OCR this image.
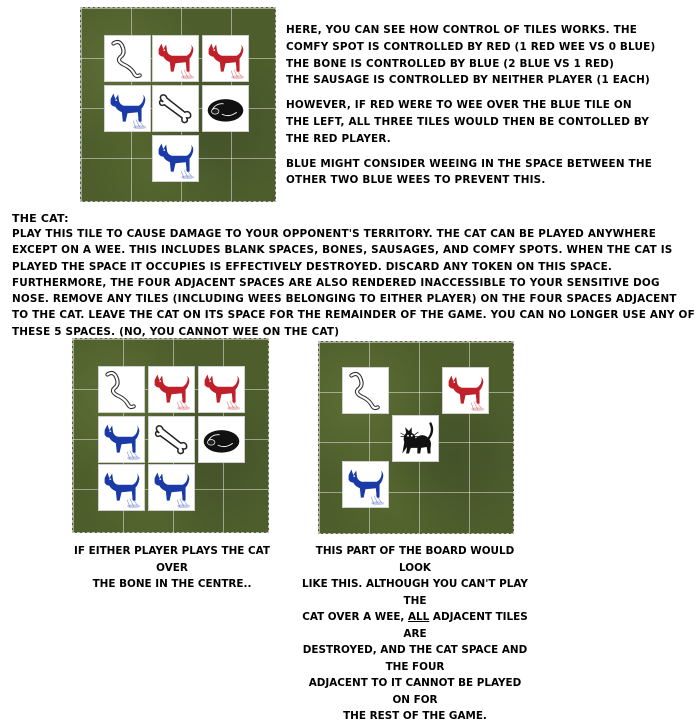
HERE, YOU CAN SEE HOW CONTROL OF TILES WORKS. THE

COMFY SPOT IS CONTROLLED BY RED (1 RED WEE VS 0 BLUE)

THE BONE IS CONTROLLED BY BLUE (2 BLUE VS 1 RED)

THE SAUSAGE IS CONTROLLED BY NEITHER PLAYER (1 EACH)

HOWEVER, IF RED WERE TO WEE OVER THE BLUE TILE ON

THE LEFT, ALL THREE TILES WOULD THEN BE CONTOLLED BY

THE RED PLAYER.

BLUE MIGHT CONSIDER WEEING IN THE SPACE BETWEEN THE

OTHER TWO BLUE WEES TO PREVENT THIS.

THE CAT:

PLAY THIS TILE TO CAUSE DAMAGE TO YOUR OPPONENT'S TERRITORY. THE CAT CAN BE PLAYED ANYWHERE

EXCEPT ON A WEE. THIS INCLUDES BLANK SPACES, BONES, SAUSAGES, AND COMFY SPOTS. WHEN THE CAT IS

PLAYED THE SPACE IT OCCUPIES IS EFFECTIVELY DESTROYED. DISCARD ANY TOKEN ON THIS SPACE.

FURTHERMORE, THE FOUR ADJACENT SPACES ARE ALSO RENDERED INACCESSIBLE TO YOUR SENSITIVE DOG

NOSE. REMOVE ANY TILES (INCLUDING WEES BELONGING TO EITHER PLAYER) ON THE FOUR SPACES ADJACENT

TO THE CAT. LEAVE THE CAT ON ITS SPACE FOR THE REMAINDER OF THE GAME. YOU CAN NO LONGER USE ANY OF

THESE 5 SPACES. (NO, YOU CANNOT WEE ON THE CAT)

IF EITHER PLAYER PLAYS THE CAT OVER
THE BONE IN THE CENTRE..
THIS PART OF THE BOARD WOULD LOOK
LIKE THIS. ALTHOUGH YOU CAN'T PLAY THE
CAT OVER A WEE, ALL ADJACENT TILES ARE
DESTROYED, AND THE CAT SPACE AND THE FOUR
ADJACENT TO IT CANNOT BE PLAYED ON FOR
THE REST OF THE GAME.
